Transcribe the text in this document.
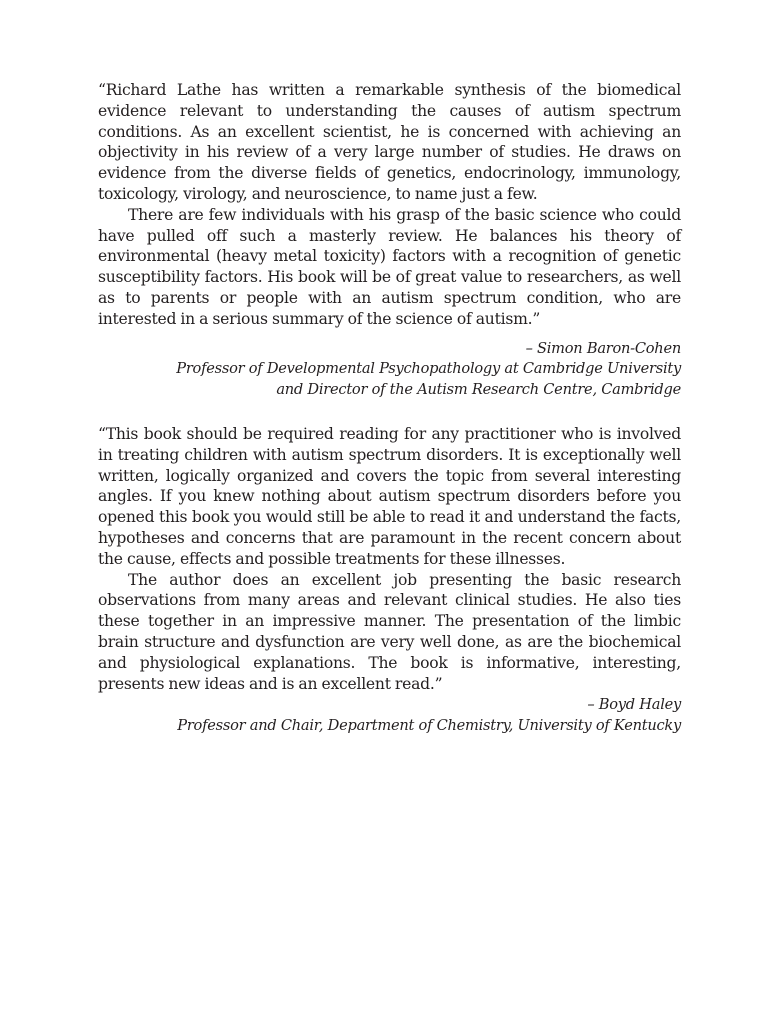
“Richard Lathe has written a remarkable synthesis of the biomedical evidence relevant to understanding the causes of autism spectrum conditions. As an excellent scientist, he is concerned with achieving an objectivity in his review of a very large number of studies. He draws on evidence from the diverse fields of genetics, endocrinology, immunology, toxicology, virology, and neuroscience, to name just a few.

There are few individuals with his grasp of the basic science who could have pulled off such a masterly review. He balances his theory of environmental (heavy metal toxicity) factors with a recognition of genetic susceptibility factors. His book will be of great value to researchers, as well as to parents or people with an autism spectrum condition, who are interested in a serious summary of the science of autism.”

– Simon Baron-Cohen

Professor of Developmental Psychopathology at Cambridge University

and Director of the Autism Research Centre, Cambridge

“This book should be required reading for any practitioner who is involved in treating children with autism spectrum disorders. It is exceptionally well written, logically organized and covers the topic from several interesting angles. If you knew nothing about autism spectrum disorders before you opened this book you would still be able to read it and understand the facts, hypotheses and concerns that are paramount in the recent concern about the cause, effects and possible treatments for these illnesses.

The author does an excellent job presenting the basic research observations from many areas and relevant clinical studies. He also ties these together in an impressive manner. The presentation of the limbic brain structure and dysfunction are very well done, as are the biochemical and physiological explanations. The book is informative, interesting, presents new ideas and is an excellent read.”

– Boyd Haley

Professor and Chair, Department of Chemistry, University of Kentucky
